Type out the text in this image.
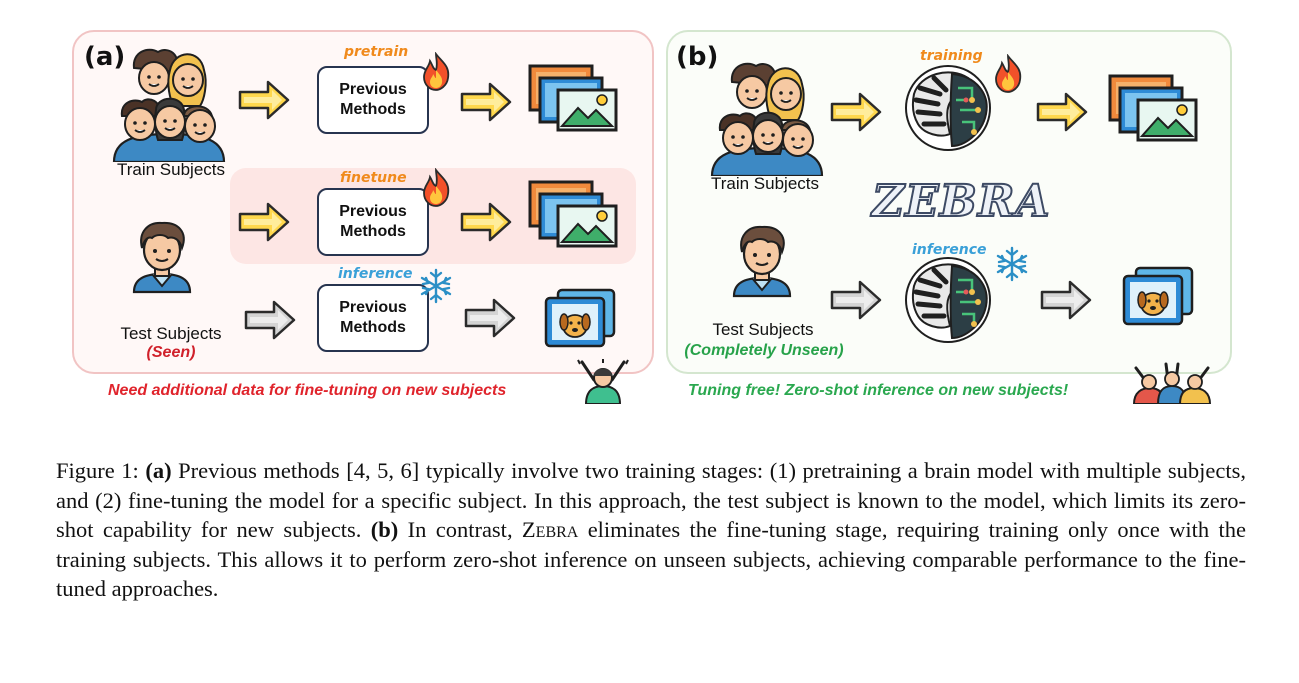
(a)
Train Subjects
pretrain
Previous
Methods
finetune
Previous
Methods
Test Subjects
(Seen)
inference
Previous
Methods
Need additional data for fine-tuning on new subjects
(b)
Train Subjects
training
ZEBRA
Test Subjects
(Completely Unseen)
inference
Tuning free! Zero-shot inference on new subjects!
Figure 1: (a) Previous methods [4, 5, 6] typically involve two training stages: (1) pretraining a brain model with multiple subjects, and (2) fine-tuning the model for a specific subject. In this approach, the test subject is known to the model, which limits its zero-shot capability for new subjects. (b) In contrast, Zebra eliminates the fine-tuning stage, requiring training only once with the training subjects. This allows it to perform zero-shot inference on unseen subjects, achieving comparable performance to the fine-tuned approaches.
